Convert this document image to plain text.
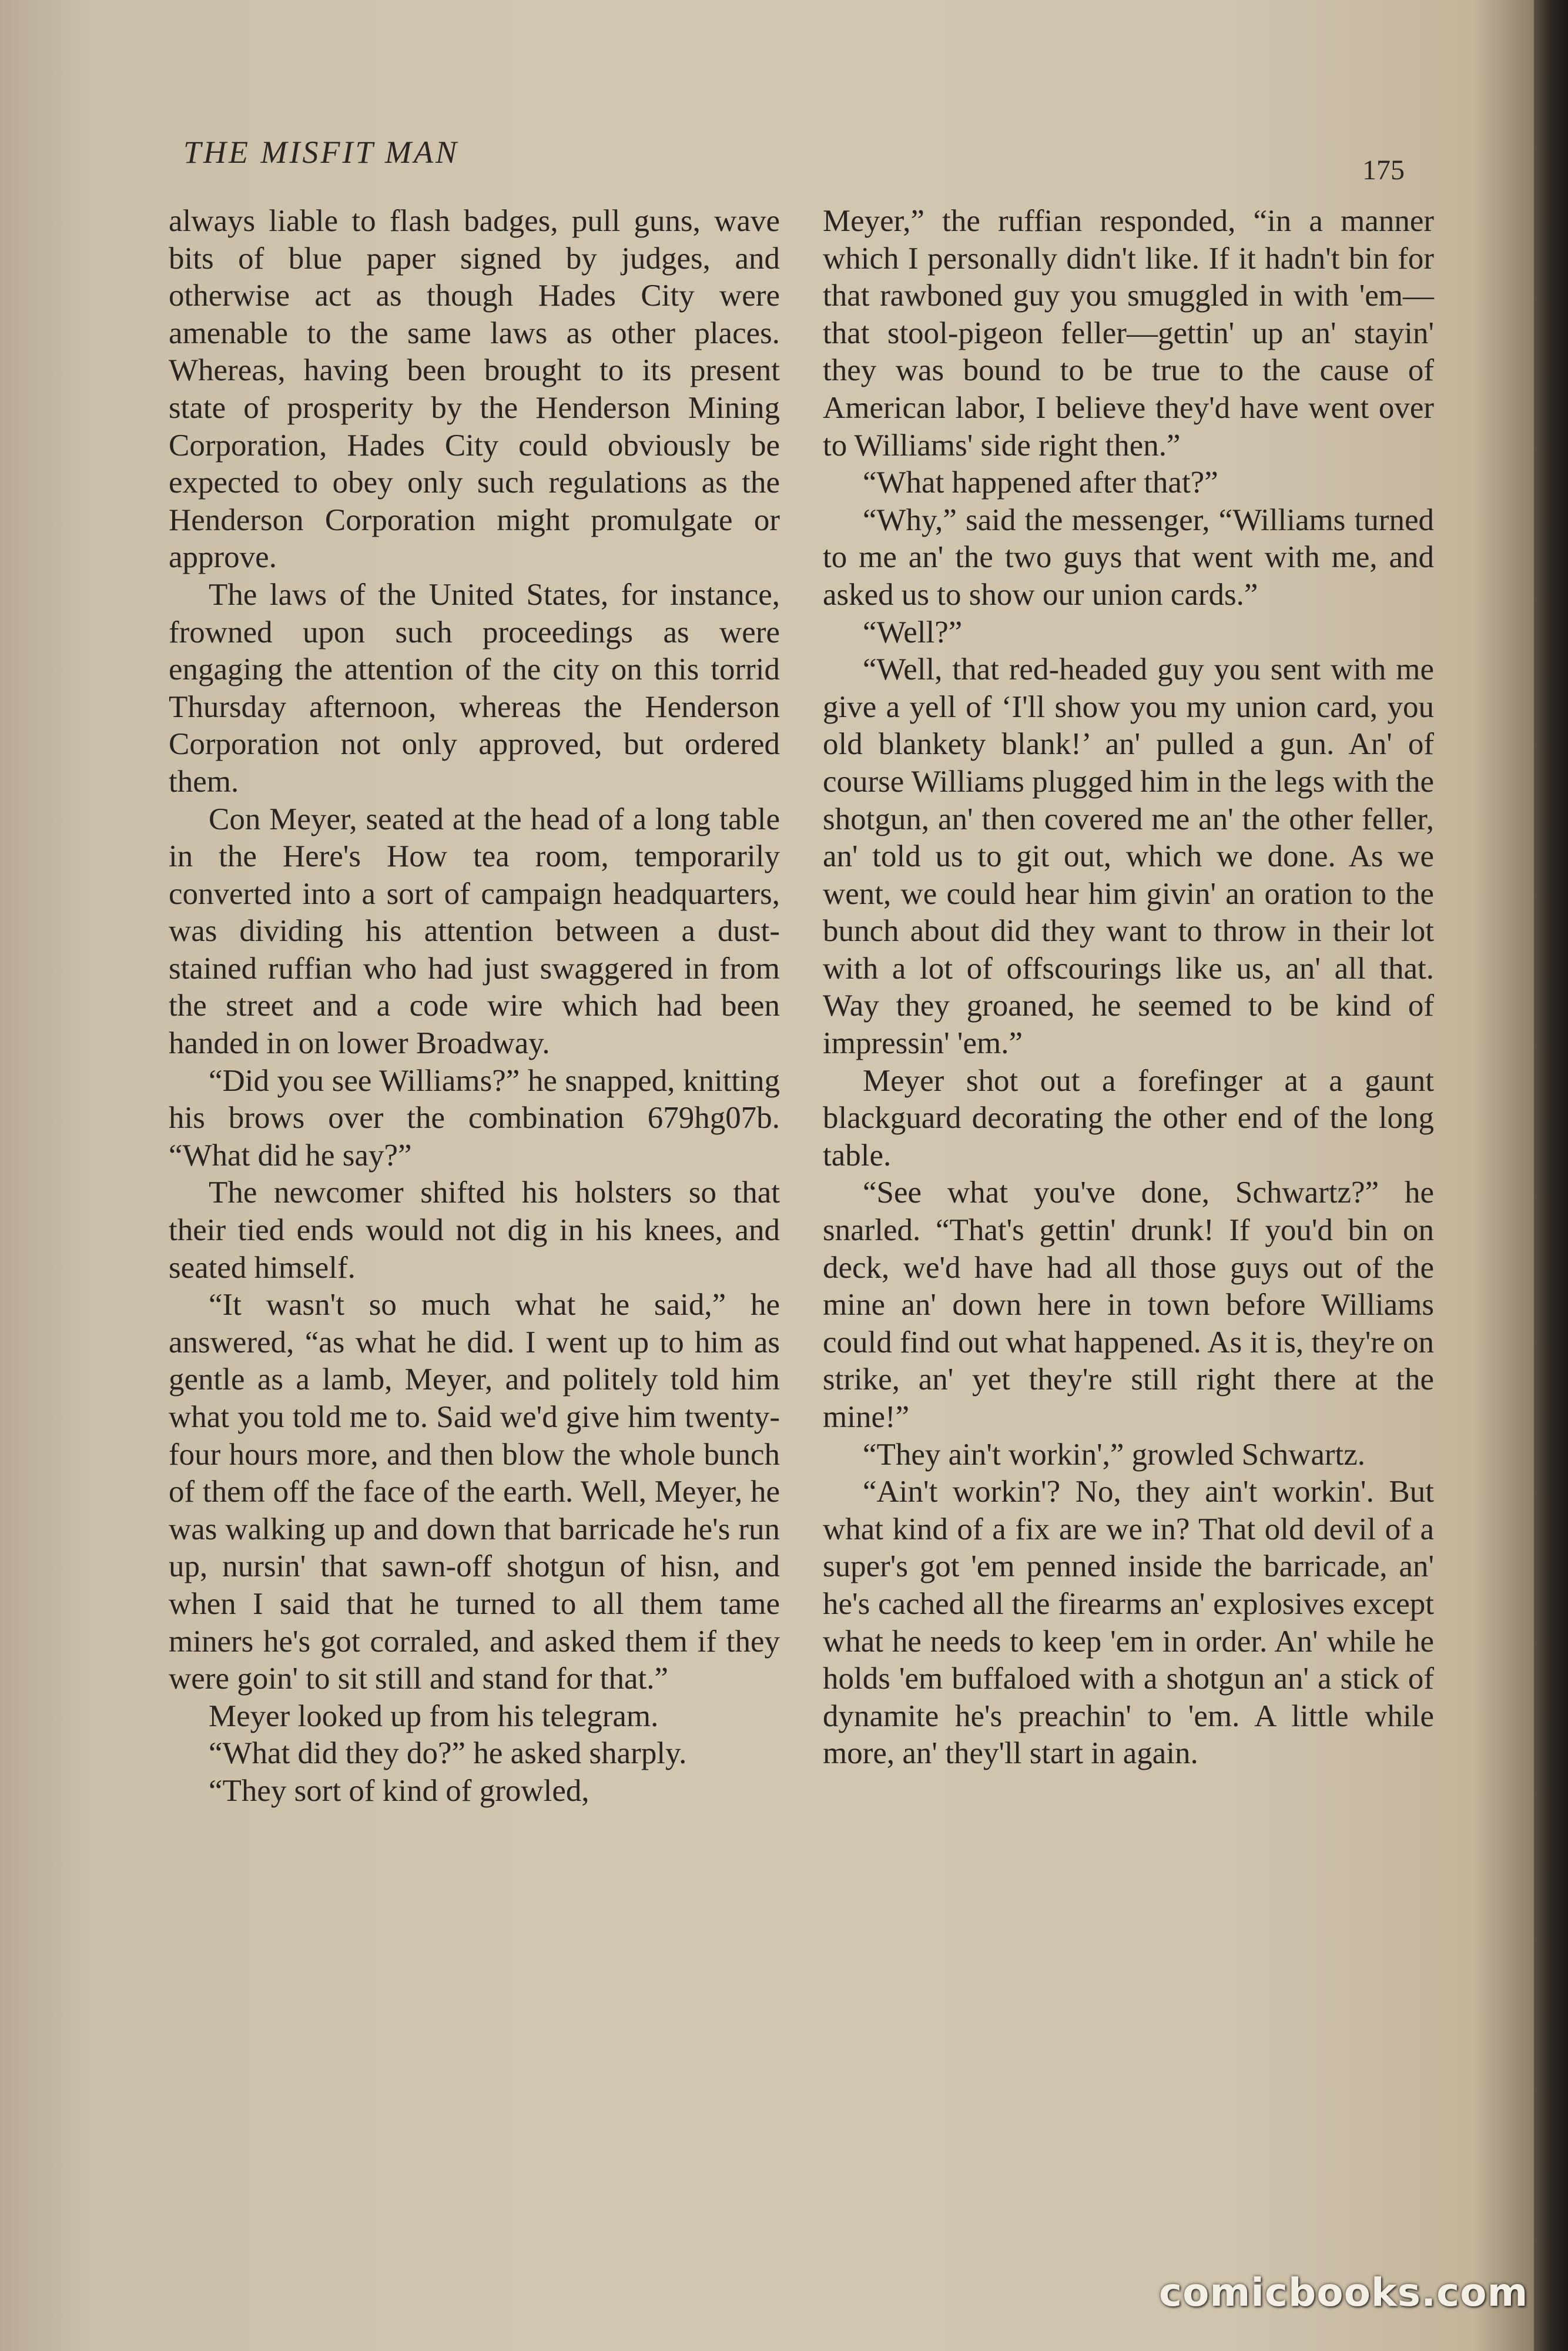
THE MISFIT MAN
175

always liable to flash badges, pull guns, wave bits of blue paper signed by judges, and otherwise act as though Hades City were amenable to the same laws as other places. Whereas, having been brought to its present state of prosperity by the Henderson Mining Corporation, Hades City could obviously be expected to obey only such regulations as the Henderson Corporation might promulgate or approve.

The laws of the United States, for instance, frowned upon such proceedings as were engaging the attention of the city on this torrid Thursday afternoon, whereas the Henderson Corporation not only approved, but ordered them.

Con Meyer, seated at the head of a long table in the Here's How tea room, temporarily converted into a sort of campaign headquarters, was dividing his attention between a dust-stained ruffian who had just swaggered in from the street and a code wire which had been handed in on lower Broadway.

“Did you see Williams?” he snapped, knitting his brows over the combination 679hg07b. “What did he say?”

The newcomer shifted his holsters so that their tied ends would not dig in his knees, and seated himself.

“It wasn't so much what he said,” he answered, “as what he did. I went up to him as gentle as a lamb, Meyer, and politely told him what you told me to. Said we'd give him twenty-four hours more, and then blow the whole bunch of them off the face of the earth. Well, Meyer, he was walking up and down that barricade he's run up, nursin' that sawn-off shotgun of hisn, and when I said that he turned to all them tame miners he's got corraled, and asked them if they were goin' to sit still and stand for that.”

Meyer looked up from his telegram.

“What did they do?” he asked sharply.

“They sort of kind of growled,

Meyer,” the ruffian responded, “in a manner which I personally didn't like. If it hadn't bin for that rawboned guy you smuggled in with 'em—that stool-pigeon feller—gettin' up an' stayin' they was bound to be true to the cause of American labor, I believe they'd have went over to Williams' side right then.”

“What happened after that?”

“Why,” said the messenger, “Williams turned to me an' the two guys that went with me, and asked us to show our union cards.”

“Well?”

“Well, that red-headed guy you sent with me give a yell of ‘I'll show you my union card, you old blankety blank!’ an' pulled a gun. An' of course Williams plugged him in the legs with the shotgun, an' then covered me an' the other feller, an' told us to git out, which we done. As we went, we could hear him givin' an oration to the bunch about did they want to throw in their lot with a lot of offscourings like us, an' all that. Way they groaned, he seemed to be kind of impressin' 'em.”

Meyer shot out a forefinger at a gaunt blackguard decorating the other end of the long table.

“See what you've done, Schwartz?” he snarled. “That's gettin' drunk! If you'd bin on deck, we'd have had all those guys out of the mine an' down here in town before Williams could find out what happened. As it is, they're on strike, an' yet they're still right there at the mine!”

“They ain't workin',” growled Schwartz.

“Ain't workin'? No, they ain't workin'. But what kind of a fix are we in? That old devil of a super's got 'em penned inside the barricade, an' he's cached all the firearms an' explosives except what he needs to keep 'em in order. An' while he holds 'em buffaloed with a shotgun an' a stick of dynamite he's preachin' to 'em. A little while more, an' they'll start in again.

comicbooks.com
